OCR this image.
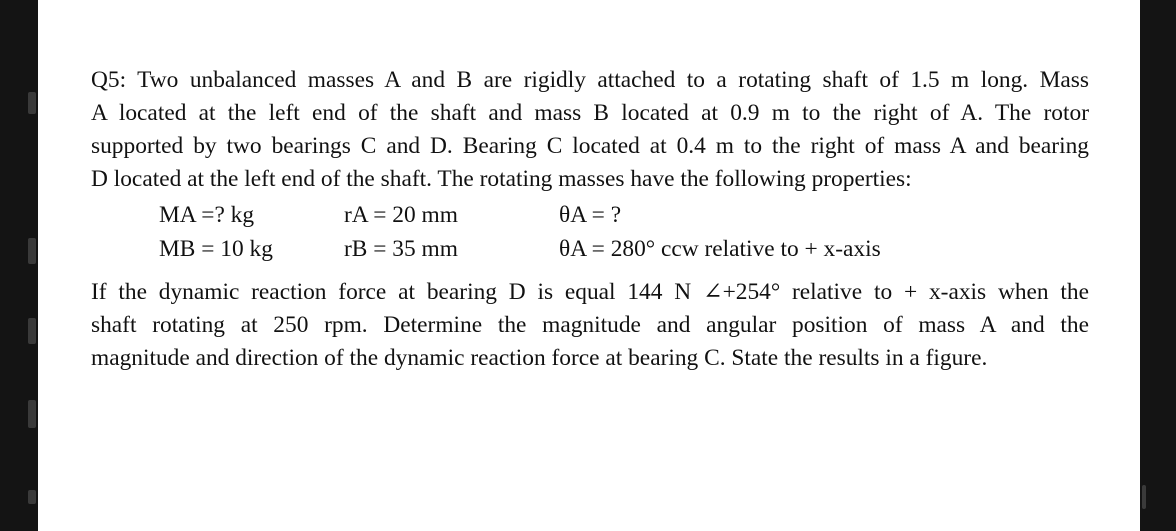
Q5: Two unbalanced masses A and B are rigidly attached to a rotating shaft of 1.5 m long. Mass
A located at the left end of the shaft and mass B located at 0.9 m to the right of A. The rotor
supported by two bearings C and D. Bearing C located at 0.4 m to the right of mass A and bearing
D located at the left end of the shaft. The rotating masses have the following properties:

MA =? kg	rA = 20 mm	θA = ?
MB = 10 kg	rB = 35 mm	θA = 280° ccw relative to + x-axis

If the dynamic reaction force at bearing D is equal 144 N ∠+254° relative to + x-axis when the
shaft rotating at 250 rpm. Determine the magnitude and angular position of mass A and the
magnitude and direction of the dynamic reaction force at bearing C. State the results in a figure.
